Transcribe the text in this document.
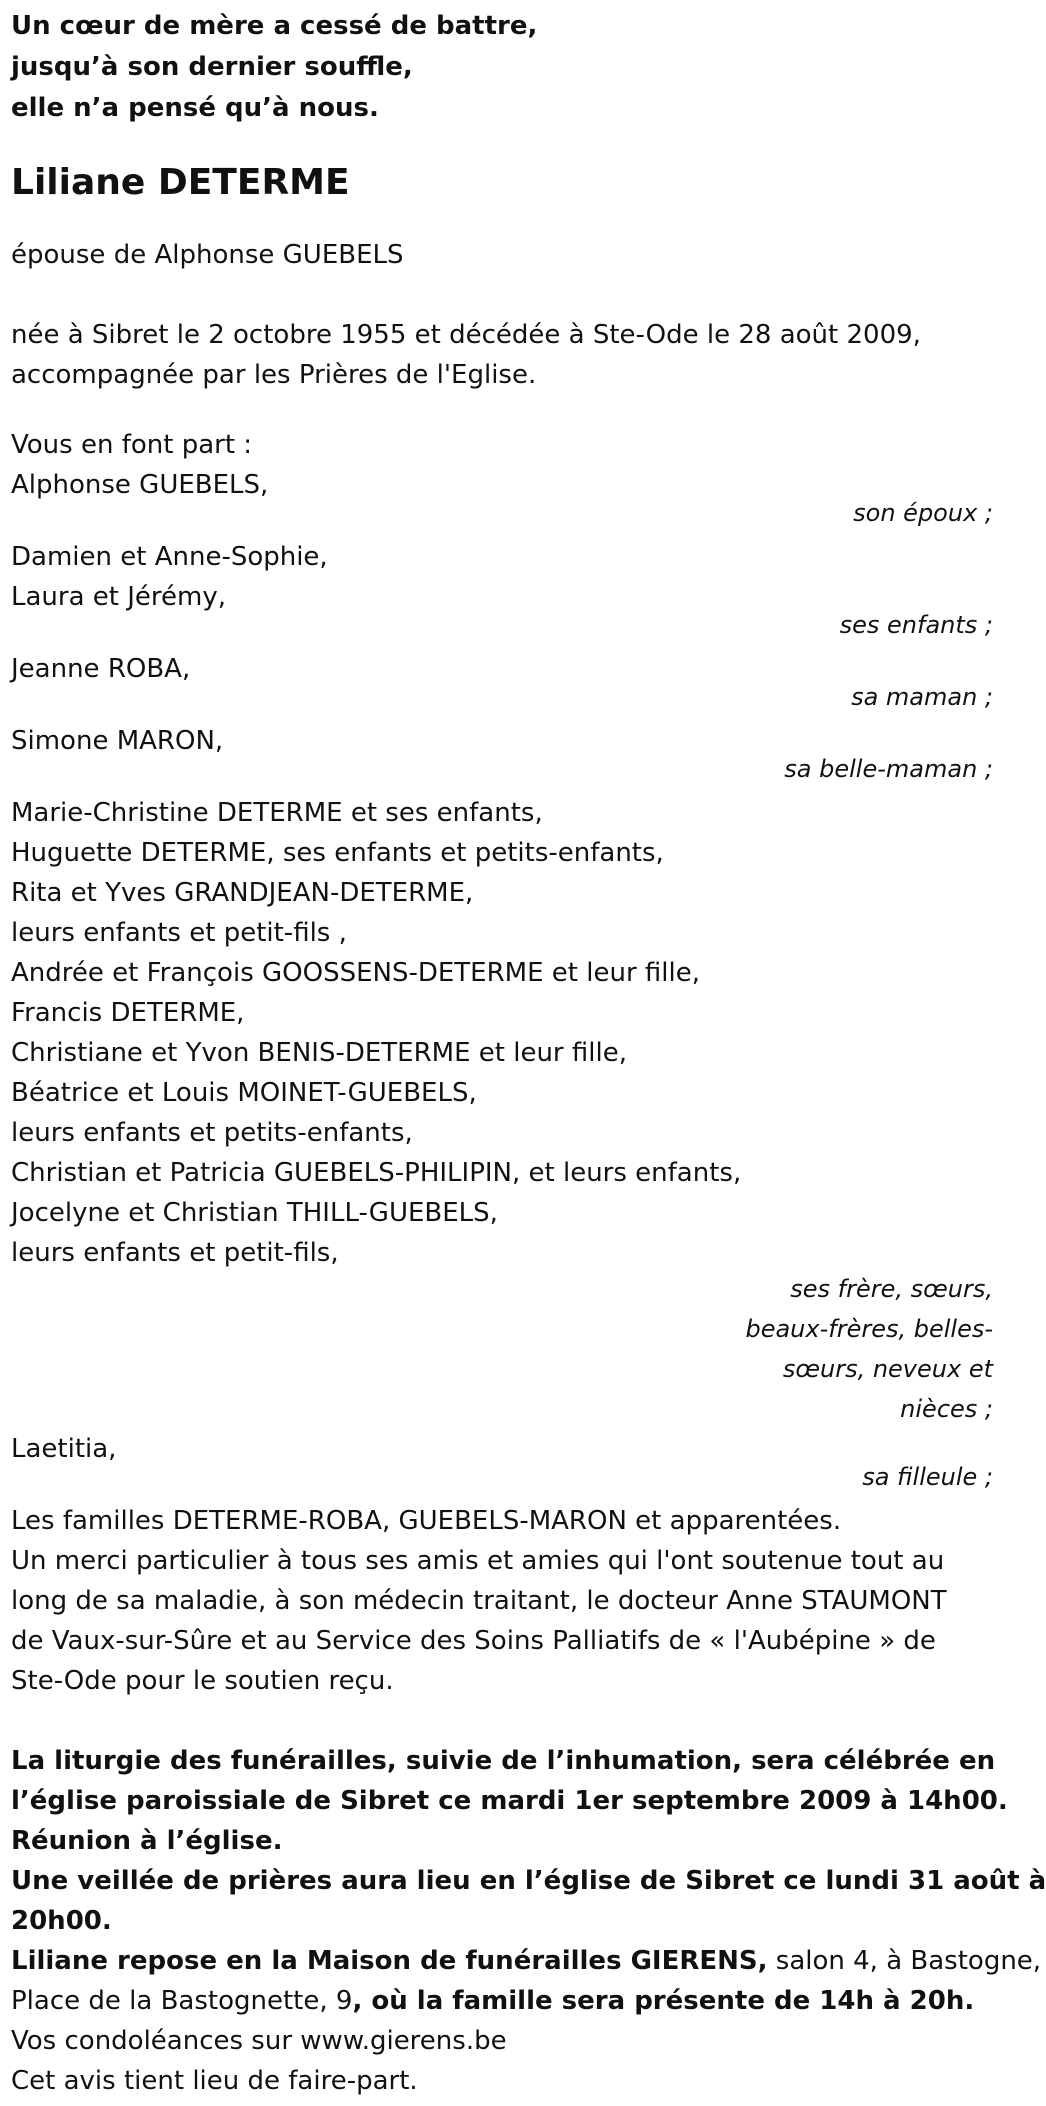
Un cœur de mère a cessé de battre,
jusqu’à son dernier souffle,
elle n’a pensé qu’à nous.
Liliane DETERME
épouse de Alphonse GUEBELS
née à Sibret le 2 octobre 1955 et décédée à Ste-Ode le 28 août 2009,
accompagnée par les Prières de l'Eglise.
Vous en font part :
Alphonse GUEBELS,
son époux ;
Damien et Anne-Sophie,
Laura et Jérémy,
ses enfants ;
Jeanne ROBA,
sa maman ;
Simone MARON,
sa belle-maman ;
Marie-Christine DETERME et ses enfants,
Huguette DETERME, ses enfants et petits-enfants,
Rita et Yves GRANDJEAN-DETERME,
leurs enfants et petit-fils ,
Andrée et François GOOSSENS-DETERME et leur fille,
Francis DETERME,
Christiane et Yvon BENIS-DETERME et leur fille,
Béatrice et Louis MOINET-GUEBELS,
leurs enfants et petits-enfants,
Christian et Patricia GUEBELS-PHILIPIN, et leurs enfants,
Jocelyne et Christian THILL-GUEBELS,
leurs enfants et petit-fils,
ses frère, sœurs,
beaux-frères, belles-
sœurs, neveux et
nièces ;
Laetitia,
sa filleule ;
Les familles DETERME-ROBA, GUEBELS-MARON et apparentées.
Un merci particulier à tous ses amis et amies qui l'ont soutenue tout au
long de sa maladie, à son médecin traitant, le docteur Anne STAUMONT
de Vaux-sur-Sûre et au Service des Soins Palliatifs de « l'Aubépine » de
Ste-Ode pour le soutien reçu.
La liturgie des funérailles, suivie de l’inhumation, sera célébrée en
l’église paroissiale de Sibret ce mardi 1er septembre 2009 à 14h00.
Réunion à l’église.
Une veillée de prières aura lieu en l’église de Sibret ce lundi 31 août à
20h00.
Liliane repose en la Maison de funérailles GIERENS, salon 4, à Bastogne,
Place de la Bastognette, 9, où la famille sera présente de 14h à 20h.
Vos condoléances sur www.gierens.be
Cet avis tient lieu de faire-part.
